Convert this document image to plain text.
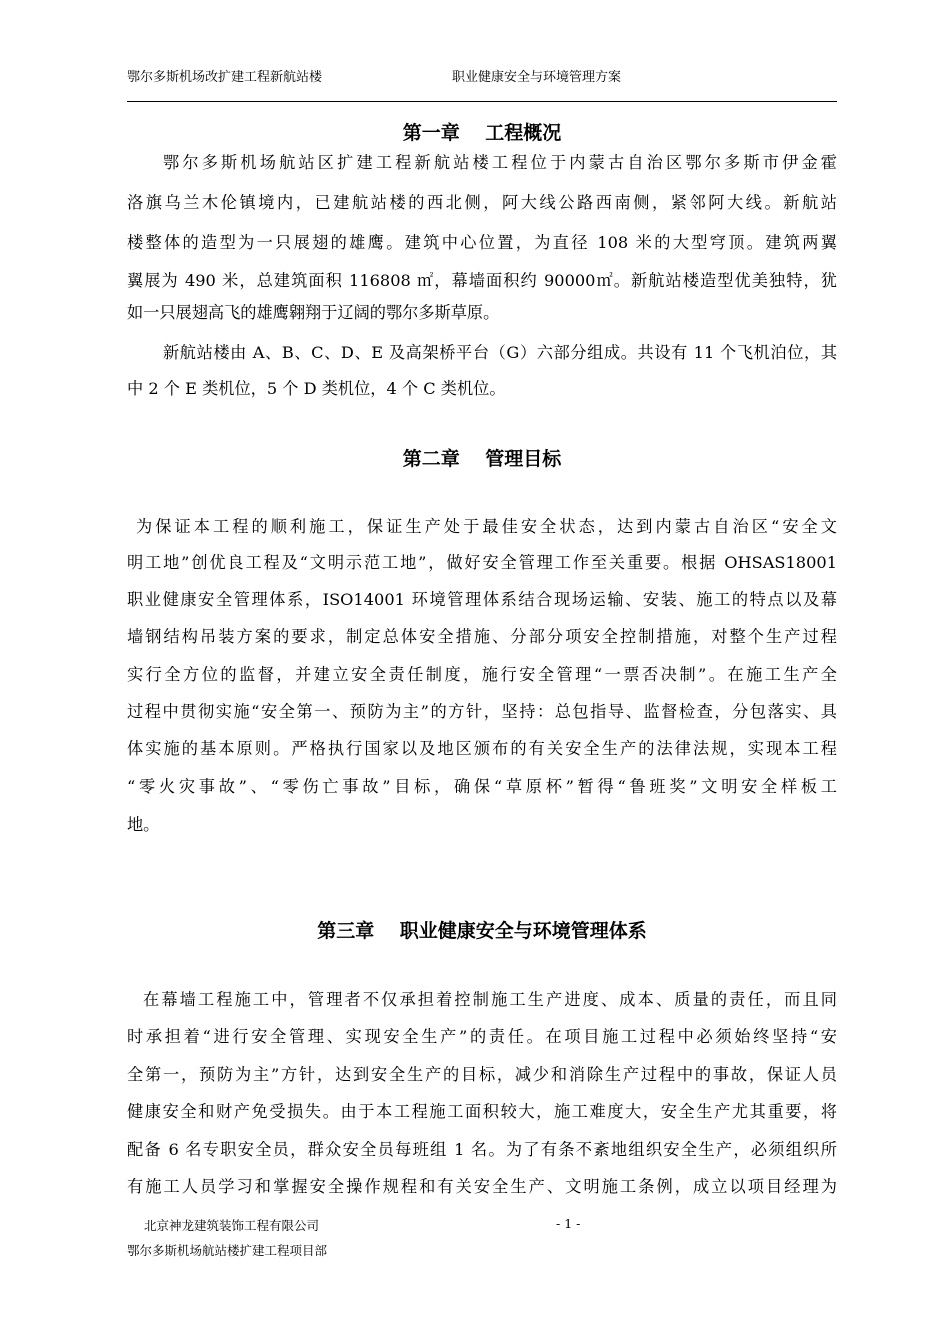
鄂尔多斯机场改扩建工程新航站楼	职业健康安全与环境管理方案
第一章　 工程概况
鄂尔多斯机场航站区扩建工程新航站楼工程位于内蒙古自治区鄂尔多斯市伊金霍
洛旗乌兰木伦镇境内，已建航站楼的西北侧，阿大线公路西南侧，紧邻阿大线。新航站
楼整体的造型为一只展翅的雄鹰。建筑中心位置，为直径 108 米的大型穹顶。建筑两翼
翼展为 490 米，总建筑面积 116808 ㎡，幕墙面积约 90000㎡。新航站楼造型优美独特，犹
如一只展翅高飞的雄鹰翱翔于辽阔的鄂尔多斯草原。
新航站楼由 A、B、C、D、E 及高架桥平台（G）六部分组成。共设有 11 个飞机泊位，其
中 2 个 E 类机位，5 个 D 类机位，4 个 C 类机位。
第二章　 管理目标
为保证本工程的顺利施工，保证生产处于最佳安全状态，达到内蒙古自治区“安全文
明工地”创优良工程及“文明示范工地”，做好安全管理工作至关重要。根据 OHSAS18001
职业健康安全管理体系，ISO14001 环境管理体系结合现场运输、安装、施工的特点以及幕
墙钢结构吊装方案的要求，制定总体安全措施、分部分项安全控制措施，对整个生产过程
实行全方位的监督，并建立安全责任制度，施行安全管理“一票否决制”。在施工生产全
过程中贯彻实施“安全第一、预防为主”的方针，坚持：总包指导、监督检查，分包落实、具
体实施的基本原则。严格执行国家以及地区颁布的有关安全生产的法律法规，实现本工程
“零火灾事故”、“零伤亡事故”目标，确保“草原杯”暂得“鲁班奖”文明安全样板工
地。
第三章　 职业健康安全与环境管理体系
在幕墙工程施工中，管理者不仅承担着控制施工生产进度、成本、质量的责任，而且同
时承担着“进行安全管理、实现安全生产”的责任。在项目施工过程中必须始终坚持“安
全第一，预防为主”方针，达到安全生产的目标，减少和消除生产过程中的事故，保证人员
健康安全和财产免受损失。由于本工程施工面积较大，施工难度大，安全生产尤其重要，将
配备 6 名专职安全员，群众安全员每班组 1 名。为了有条不紊地组织安全生产，必须组织所
有施工人员学习和掌握安全操作规程和有关安全生产、文明施工条例，成立以项目经理为
北京神龙建筑装饰工程有限公司	- 1 -
鄂尔多斯机场航站楼扩建工程项目部
